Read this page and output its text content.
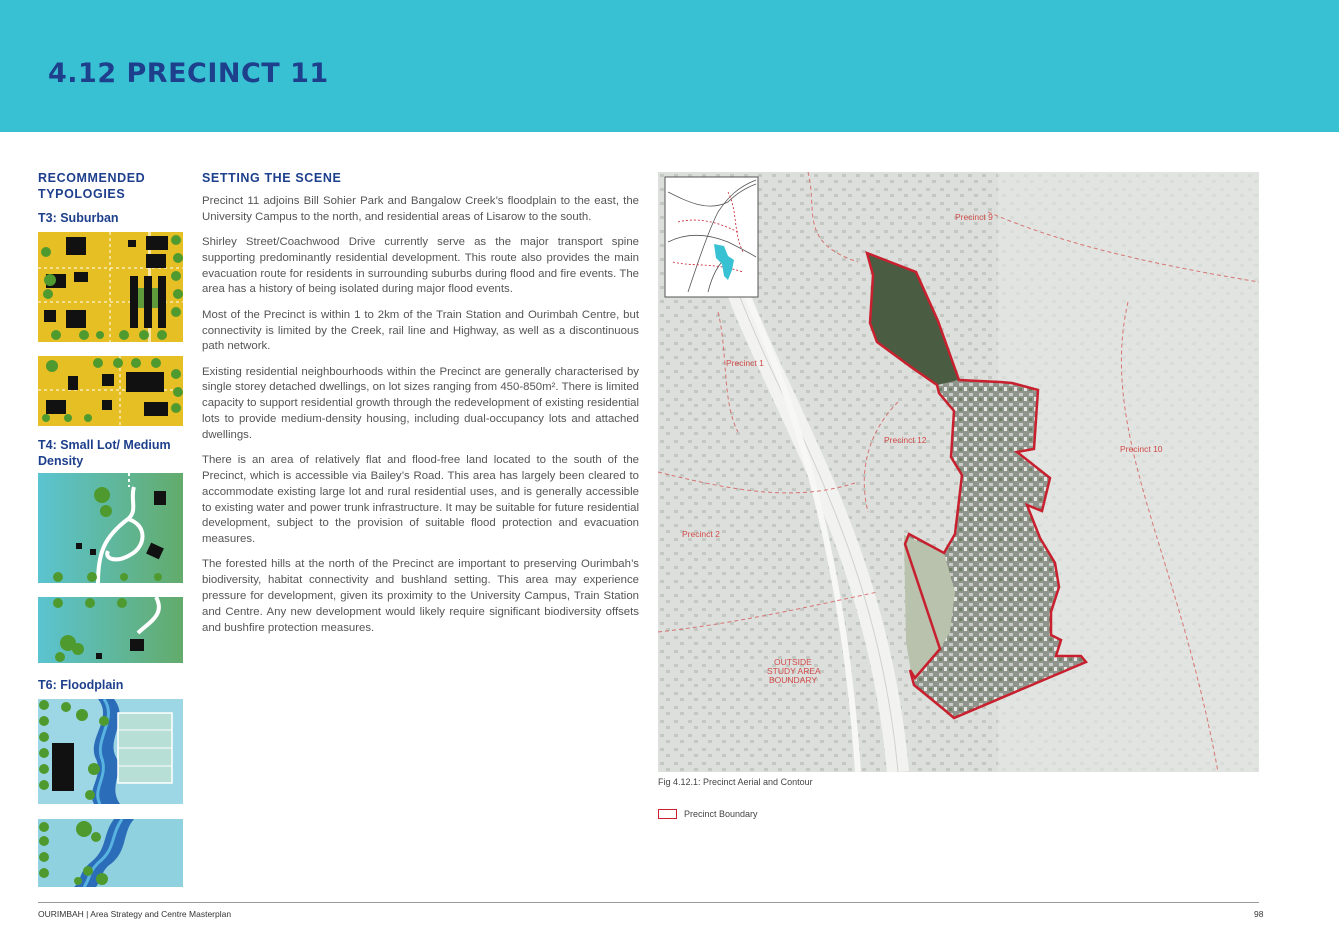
4.12 PRECINCT 11
RECOMMENDED TYPOLOGIES
T3: Suburban
T4: Small Lot/ Medium Density
T6: Floodplain
SETTING THE SCENE

Precinct 11 adjoins Bill Sohier Park and Bangalow Creek’s floodplain to the east, the University Campus to the north, and residential areas of Lisarow to the south.

Shirley Street/Coachwood Drive currently serve as the major transport spine supporting predominantly residential development. This route also provides the main evacuation route for residents in surrounding suburbs during flood and fire events. The area has a history of being isolated during major flood events.

Most of the Precinct is within 1 to 2km of the Train Station and Ourimbah Centre, but connectivity is limited by the Creek, rail line and Highway, as well as a discontinuous path network.

Existing residential neighbourhoods within the Precinct are generally characterised by single storey detached dwellings, on lot sizes ranging from 450-850m². There is limited capacity to support residential growth through the redevelopment of existing residential lots to provide medium-density housing, including dual-occupancy lots and attached dwellings.

There is an area of relatively flat and flood-free land located to the south of the Precinct, which is accessible via Bailey’s Road. This area has largely been cleared to accommodate existing large lot and rural residential uses, and is generally accessible to existing water and power trunk infrastructure. It may be suitable for future residential development, subject to the provision of suitable flood protection and evacuation measures.

The forested hills at the north of the Precinct are important to preserving Ourimbah’s biodiversity, habitat connectivity and bushland setting. This area may experience pressure for development, given its proximity to the University Campus, Train Station and Centre. Any new development would likely require significant biodiversity offsets and bushfire protection measures.

Precinct 9
Precinct 1
Precinct 12
Precinct 10
Precinct 2
OUTSIDE
STUDY AREA
BOUNDARY
Fig 4.12.1: Precinct Aerial and Contour
Precinct Boundary
OURIMBAH | Area Strategy and Centre Masterplan	98
